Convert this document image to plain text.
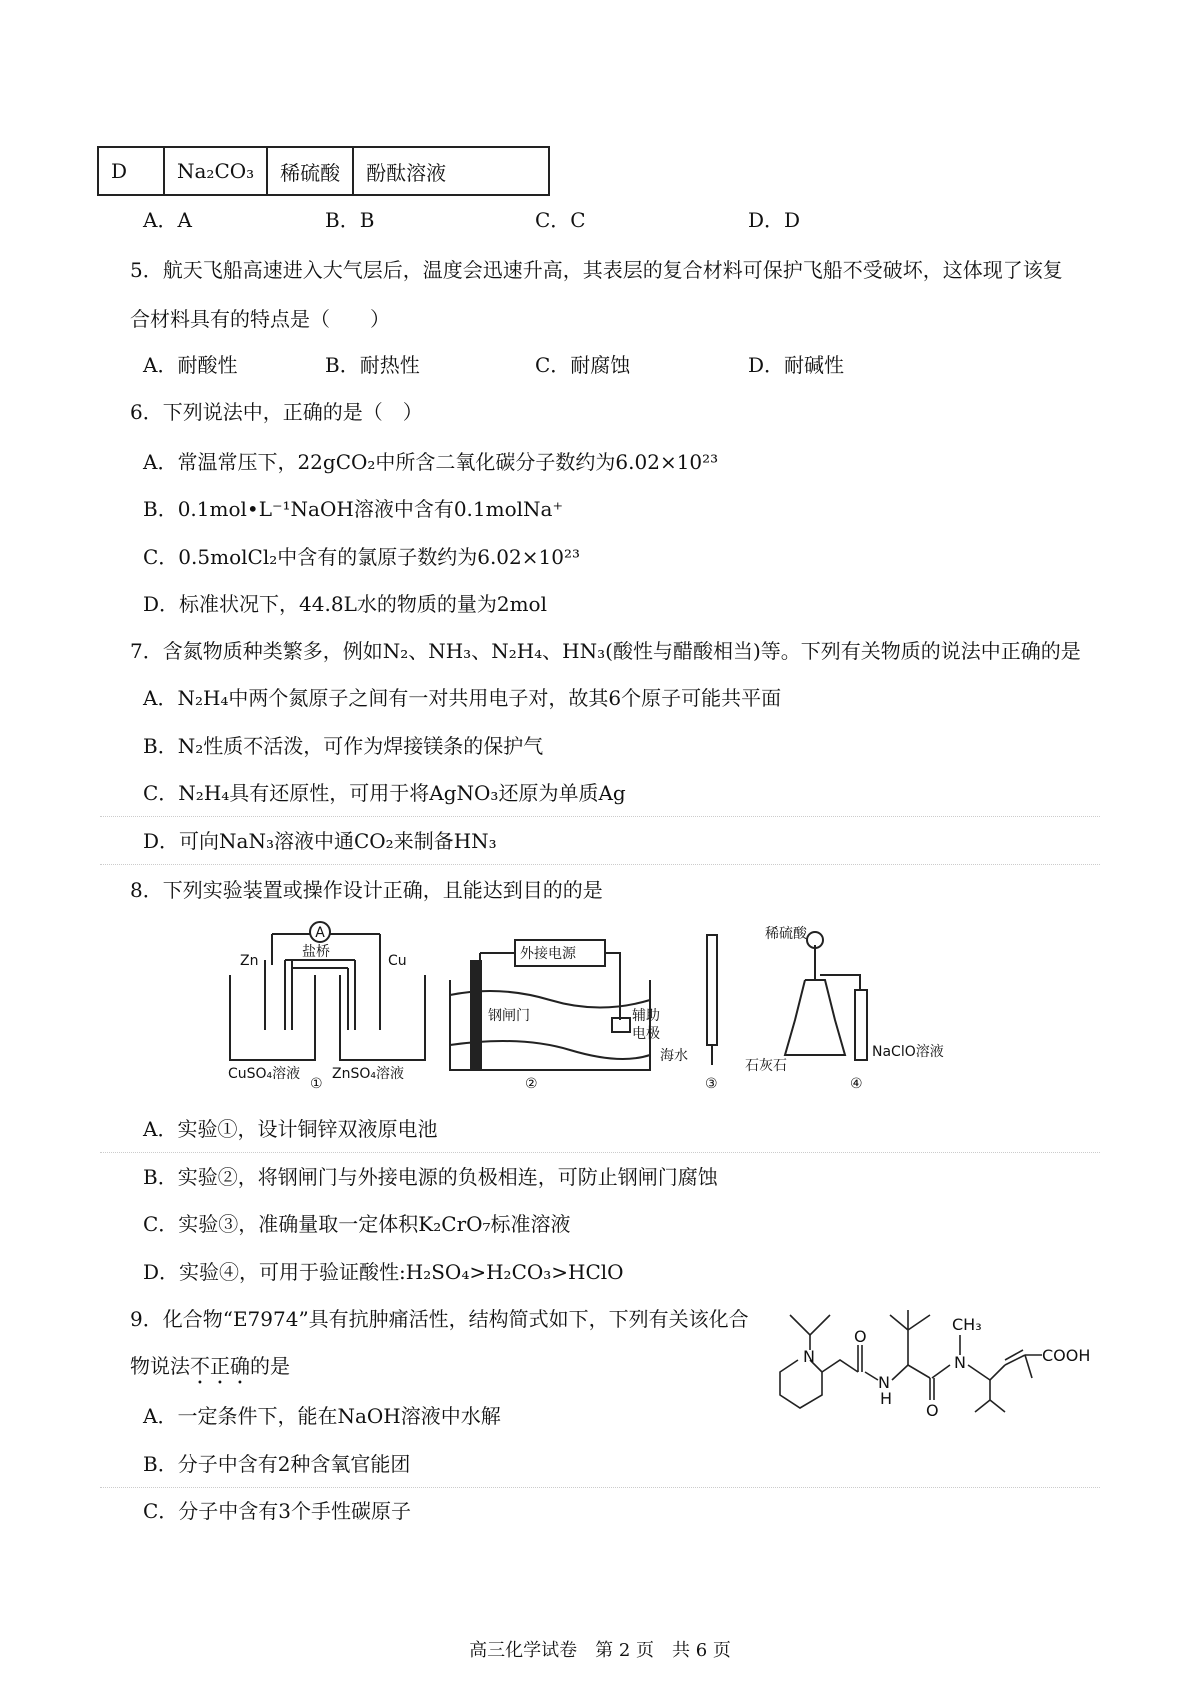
D	Na₂CO₃	稀硫酸	酚酞溶液
A．A	B．B	C．C	D．D
5．航天飞船高速进入大气层后，温度会迅速升高，其表层的复合材料可保护飞船不受破坏，这体现了该复
合材料具有的特点是（　　）
A．耐酸性	B．耐热性	C．耐腐蚀	D．耐碱性
6．下列说法中，正确的是（　）
A．常温常压下，22gCO₂中所含二氧化碳分子数约为6.02×10²³
B．0.1mol•L⁻¹NaOH溶液中含有0.1molNa⁺
C．0.5molCl₂中含有的氯原子数约为6.02×10²³
D．标准状况下，44.8L水的物质的量为2mol
7．含氮物质种类繁多，例如N₂、NH₃、N₂H₄、HN₃(酸性与醋酸相当)等。下列有关物质的说法中正确的是
A．N₂H₄中两个氮原子之间有一对共用电子对，故其6个原子可能共平面
B．N₂性质不活泼，可作为焊接镁条的保护气
C．N₂H₄具有还原性，可用于将AgNO₃还原为单质Ag
D．可向NaN₃溶液中通CO₂来制备HN₃
8．下列实验装置或操作设计正确，且能达到目的的是
A
Zn	Cu
盐桥
CuSO₄溶液 ZnSO₄溶液
外接电源
钢闸门	辅助
电极
海水
稀硫酸
石灰石
NaClO溶液
①	②	③	④
A．实验①，设计铜锌双液原电池
B．实验②，将钢闸门与外接电源的负极相连，可防止钢闸门腐蚀
C．实验③，准确量取一定体积K₂CrO₇标准溶液
D．实验④，可用于验证酸性:H₂SO₄>H₂CO₃>HClO
9．化合物“E7974”具有抗肿痛活性，结构简式如下，下列有关该化合
物说法不正确的是
A．一定条件下，能在NaOH溶液中水解
B．分子中含有2种含氧官能团
C．分子中含有3个手性碳原子
N
O
N
H
O
N
CH₃
COOH
高三化学试卷　第 2 页　共 6 页
